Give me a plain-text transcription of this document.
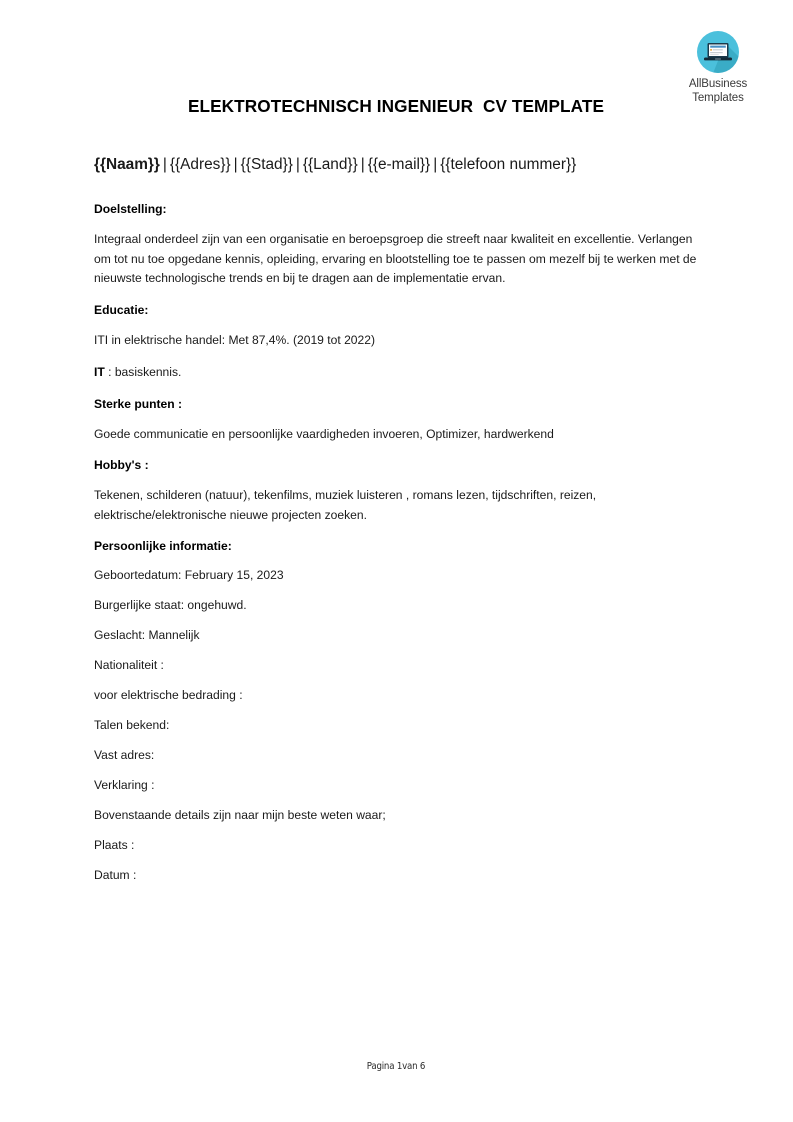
AllBusiness
Templates
ELEKTROTECHNISCH INGENIEUR  CV TEMPLATE

{{Naam}} | {{Adres}} | {{Stad}} | {{Land}} | {{e-mail}} | {{telefoon nummer}}

Doelstelling:

Integraal onderdeel zijn van een organisatie en beroepsgroep die streeft naar kwaliteit en excellentie. Verlangen om tot nu toe opgedane kennis, opleiding, ervaring en blootstelling toe te passen om mezelf bij te werken met de nieuwste technologische trends en bij te dragen aan de implementatie ervan.

Educatie:

ITI in elektrische handel: Met 87,4%. (2019 tot 2022)

IT : basiskennis.

Sterke punten :

Goede communicatie en persoonlijke vaardigheden invoeren, Optimizer, hardwerkend

Hobby's :

Tekenen, schilderen (natuur), tekenfilms, muziek luisteren , romans lezen, tijdschriften, reizen, elektrische/elektronische nieuwe projecten zoeken.

Persoonlijke informatie:

Geboortedatum: February 15, 2023

Burgerlijke staat: ongehuwd.

Geslacht: Mannelijk

Nationaliteit :

voor elektrische bedrading :

Talen bekend:

Vast adres:

Verklaring :

Bovenstaande details zijn naar mijn beste weten waar;

Plaats :

Datum :

Pagina 1van 6
